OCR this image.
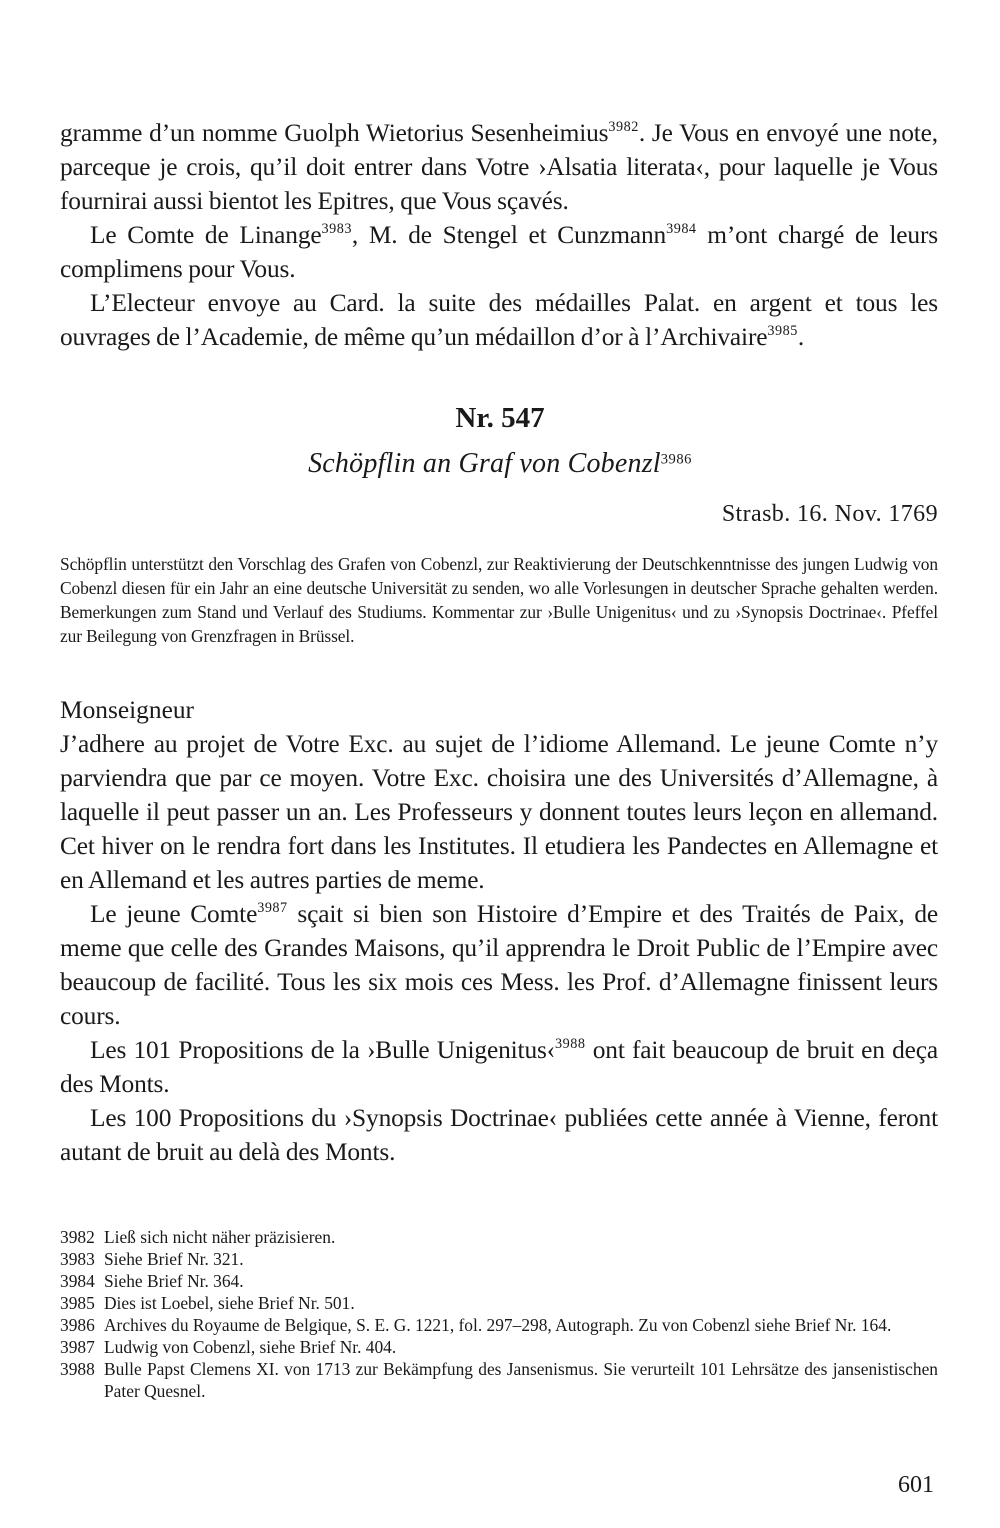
gramme d’un nomme Guolph Wietorius Sesenheimius$^{3982}$. Je Vous en envoyé une note, parceque je crois, qu’il doit entrer dans Votre ›Alsatia literata‹, pour laquelle je Vous fournirai aussi bientot les Epitres, que Vous sçavés.

Le Comte de Linange$^{3983}$, M. de Stengel et Cunzmann$^{3984}$ m’ont chargé de leurs complimens pour Vous.

L’Electeur envoye au Card. la suite des médailles Palat. en argent et tous les ouvrages de l’Academie, de même qu’un médaillon d’or à l’Archivaire$^{3985}$.

Nr. 547
Schöpflin an Graf von Cobenzl$^{3986}$
Strasb. 16. Nov. 1769

Schöpflin unterstützt den Vorschlag des Grafen von Cobenzl, zur Reaktivierung der Deutschkenntnisse des jungen Ludwig von Cobenzl diesen für ein Jahr an eine deutsche Universität zu senden, wo alle Vorlesungen in deutscher Sprache gehalten werden. Bemerkungen zum Stand und Verlauf des Studiums. Kommentar zur ›Bulle Unigenitus‹ und zu ›Synopsis Doctrinae‹. Pfeffel zur Beilegung von Grenzfragen in Brüssel.

Monseigneur

J’adhere au projet de Votre Exc. au sujet de l’idiome Allemand. Le jeune Comte n’y parviendra que par ce moyen. Votre Exc. choisira une des Universités d’Allemagne, à laquelle il peut passer un an. Les Professeurs y donnent toutes leurs leçon en allemand. Cet hiver on le rendra fort dans les Institutes. Il etudiera les Pandectes en Allemagne et en Allemand et les autres parties de meme.

Le jeune Comte$^{3987}$ sçait si bien son Histoire d’Empire et des Traités de Paix, de meme que celle des Grandes Maisons, qu’il apprendra le Droit Public de l’Empire avec beaucoup de facilité. Tous les six mois ces Mess. les Prof. d’Allemagne finissent leurs cours.

Les 101 Propositions de la ›Bulle Unigenitus‹$^{3988}$ ont fait beaucoup de bruit en deça des Monts.

Les 100 Propositions du ›Synopsis Doctrinae‹ publiées cette année à Vienne, feront autant de bruit au delà des Monts.

3982 Ließ sich nicht näher präzisieren.
3983 Siehe Brief Nr. 321.
3984 Siehe Brief Nr. 364.
3985 Dies ist Loebel, siehe Brief Nr. 501.
3986 Archives du Royaume de Belgique, S. E. G. 1221, fol. 297–298, Autograph. Zu von Cobenzl siehe Brief Nr. 164.
3987 Ludwig von Cobenzl, siehe Brief Nr. 404.
3988 Bulle Papst Clemens XI. von 1713 zur Bekämpfung des Jansenismus. Sie verurteilt 101 Lehrsätze des jansenistischen Pater Quesnel.
601
